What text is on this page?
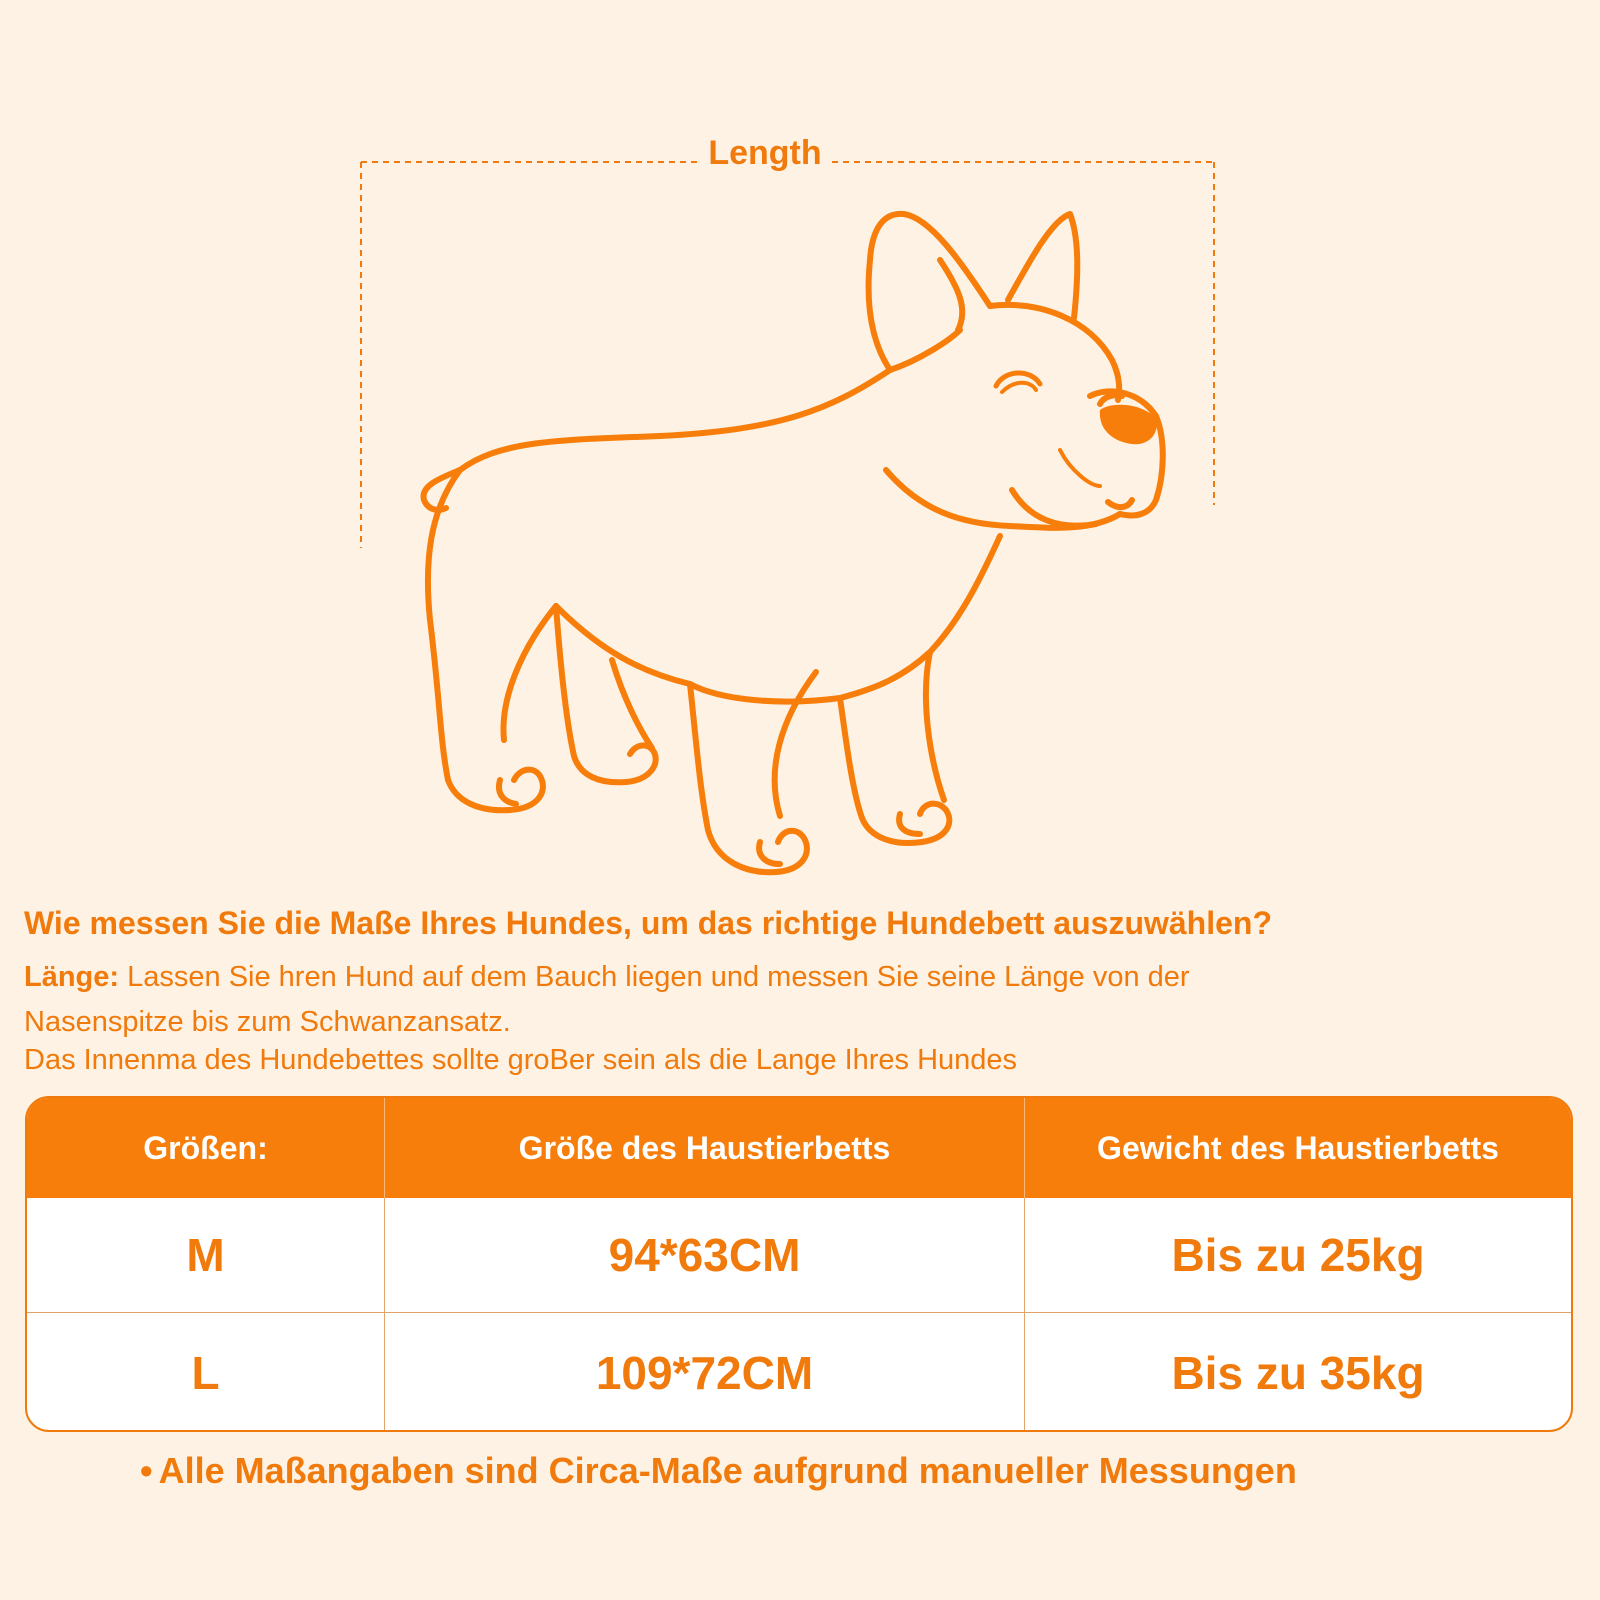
Length
Wie messen Sie die Maße Ihres Hundes, um das richtige Hundebett auszuwählen?

Länge: Lassen Sie hren Hund auf dem Bauch liegen und messen Sie seine Länge von der Nasenspitze bis zum Schwanzansatz.

Das Innenma des Hundebettes sollte groBer sein als die Lange Ihres Hundes

Größen:	Größe des Haustierbetts	Gewicht des Haustierbetts
M	94*63CM	Bis zu 25kg
L	109*72CM	Bis zu 35kg

• Alle Maßangaben sind Circa-Maße aufgrund manueller Messungen
